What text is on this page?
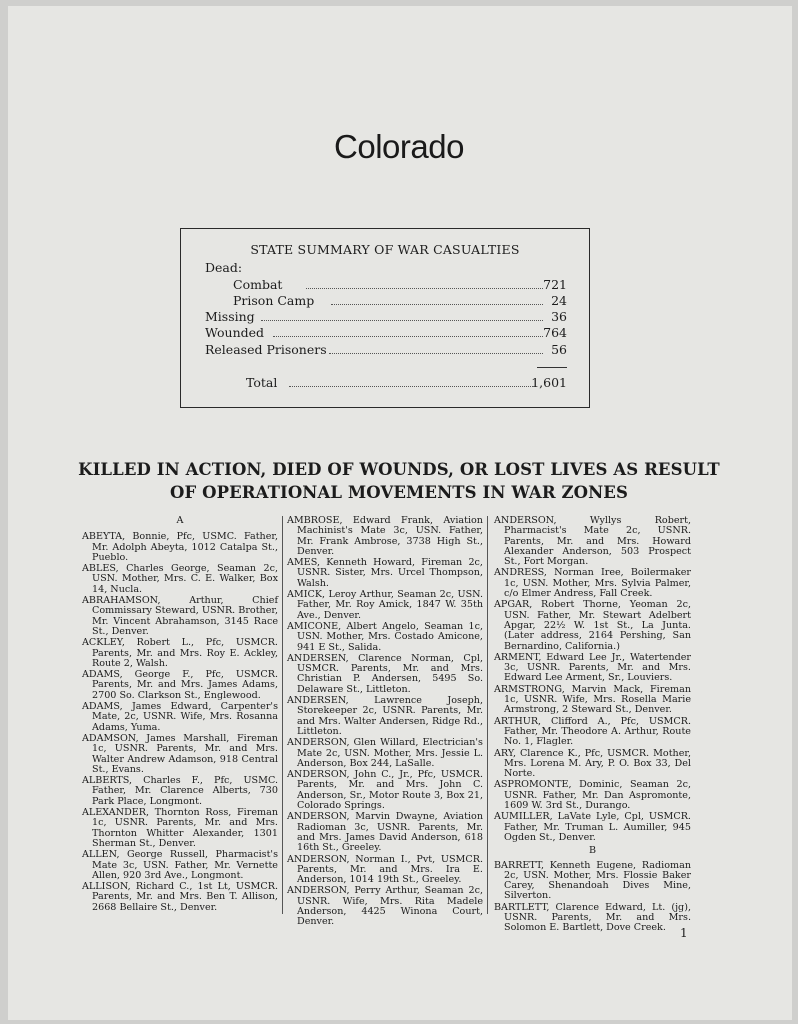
Colorado
STATE SUMMARY OF WAR CASUALTIES
Dead:
Combat	721
Prison Camp	24
Missing	36
Wounded	764
Released Prisoners	56
Total	1,601
KILLED IN ACTION, DIED OF WOUNDS, OR LOST LIVES AS RESULT
OF OPERATIONAL MOVEMENTS IN WAR ZONES
A
ABEYTA, Bonnie, Pfc, USMC. Father, Mr. Adolph Abeyta, 1012 Catalpa St., Pueblo.
ABLES, Charles George, Seaman 2c, USN. Mother, Mrs. C. E. Walker, Box 14, Nucla.
ABRAHAMSON, Arthur, Chief Commissary Steward, USNR. Brother, Mr. Vincent Abrahamson, 3145 Race St., Denver.
ACKLEY, Robert L., Pfc, USMCR. Parents, Mr. and Mrs. Roy E. Ackley, Route 2, Walsh.
ADAMS, George F., Pfc, USMCR. Parents, Mr. and Mrs. James Adams, 2700 So. Clarkson St., Englewood.
ADAMS, James Edward, Carpenter's Mate, 2c, USNR. Wife, Mrs. Rosanna Adams, Yuma.
ADAMSON, James Marshall, Fireman 1c, USNR. Parents, Mr. and Mrs. Walter Andrew Adamson, 918 Central St., Evans.
ALBERTS, Charles F., Pfc, USMC. Father, Mr. Clarence Alberts, 730 Park Place, Longmont.
ALEXANDER, Thornton Ross, Fireman 1c, USNR. Parents, Mr. and Mrs. Thornton Whitter Alexander, 1301 Sherman St., Denver.
ALLEN, George Russell, Pharmacist's Mate 3c, USN. Father, Mr. Vernette Allen, 920 3rd Ave., Longmont.
ALLISON, Richard C., 1st Lt, USMCR. Parents, Mr. and Mrs. Ben T. Allison, 2668 Bellaire St., Denver.
AMBROSE, Edward Frank, Aviation Machinist's Mate 3c, USN. Father, Mr. Frank Ambrose, 3738 High St., Denver.
AMES, Kenneth Howard, Fireman 2c, USNR. Sister, Mrs. Urcel Thompson, Walsh.
AMICK, Leroy Arthur, Seaman 2c, USN. Father, Mr. Roy Amick, 1847 W. 35th Ave., Denver.
AMICONE, Albert Angelo, Seaman 1c, USN. Mother, Mrs. Costado Amicone, 941 E St., Salida.
ANDERSEN, Clarence Norman, Cpl, USMCR. Parents, Mr. and Mrs. Christian P. Andersen, 5495 So. Delaware St., Littleton.
ANDERSEN, Lawrence Joseph, Storekeeper 2c, USNR. Parents, Mr. and Mrs. Walter Andersen, Ridge Rd., Littleton.
ANDERSON, Glen Willard, Electrician's Mate 2c, USN. Mother, Mrs. Jessie L. Anderson, Box 244, LaSalle.
ANDERSON, John C., Jr., Pfc, USMCR. Parents, Mr. and Mrs. John C. Anderson, Sr., Motor Route 3, Box 21, Colorado Springs.
ANDERSON, Marvin Dwayne, Aviation Radioman 3c, USNR. Parents, Mr. and Mrs. James David Anderson, 618 16th St., Greeley.
ANDERSON, Norman I., Pvt, USMCR. Parents, Mr. and Mrs. Ira E. Anderson, 1014 19th St., Greeley.
ANDERSON, Perry Arthur, Seaman 2c, USNR. Wife, Mrs. Rita Madele Anderson, 4425 Winona Court, Denver.
ANDERSON, Wyllys Robert, Pharmacist's Mate 2c, USNR. Parents, Mr. and Mrs. Howard Alexander Anderson, 503 Prospect St., Fort Morgan.
ANDRESS, Norman Iree, Boilermaker 1c, USN. Mother, Mrs. Sylvia Palmer, c/o Elmer Andress, Fall Creek.
APGAR, Robert Thorne, Yeoman 2c, USN. Father, Mr. Stewart Adelbert Apgar, 22½ W. 1st St., La Junta. (Later address, 2164 Pershing, San Bernardino, California.)
ARMENT, Edward Lee Jr., Watertender 3c, USNR. Parents, Mr. and Mrs. Edward Lee Arment, Sr., Louviers.
ARMSTRONG, Marvin Mack, Fireman 1c, USNR. Wife, Mrs. Rosella Marie Armstrong, 2 Steward St., Denver.
ARTHUR, Clifford A., Pfc, USMCR. Father, Mr. Theodore A. Arthur, Route No. 1, Flagler.
ARY, Clarence K., Pfc, USMCR. Mother, Mrs. Lorena M. Ary, P. O. Box 33, Del Norte.
ASPROMONTE, Dominic, Seaman 2c, USNR. Father, Mr. Dan Aspromonte, 1609 W. 3rd St., Durango.
AUMILLER, LaVate Lyle, Cpl, USMCR. Father, Mr. Truman L. Aumiller, 945 Ogden St., Denver.
B
BARRETT, Kenneth Eugene, Radioman 2c, USN. Mother, Mrs. Flossie Baker Carey, Shenandoah Dives Mine, Silverton.
BARTLETT, Clarence Edward, Lt. (jg), USNR. Parents, Mr. and Mrs. Solomon E. Bartlett, Dove Creek.	1
